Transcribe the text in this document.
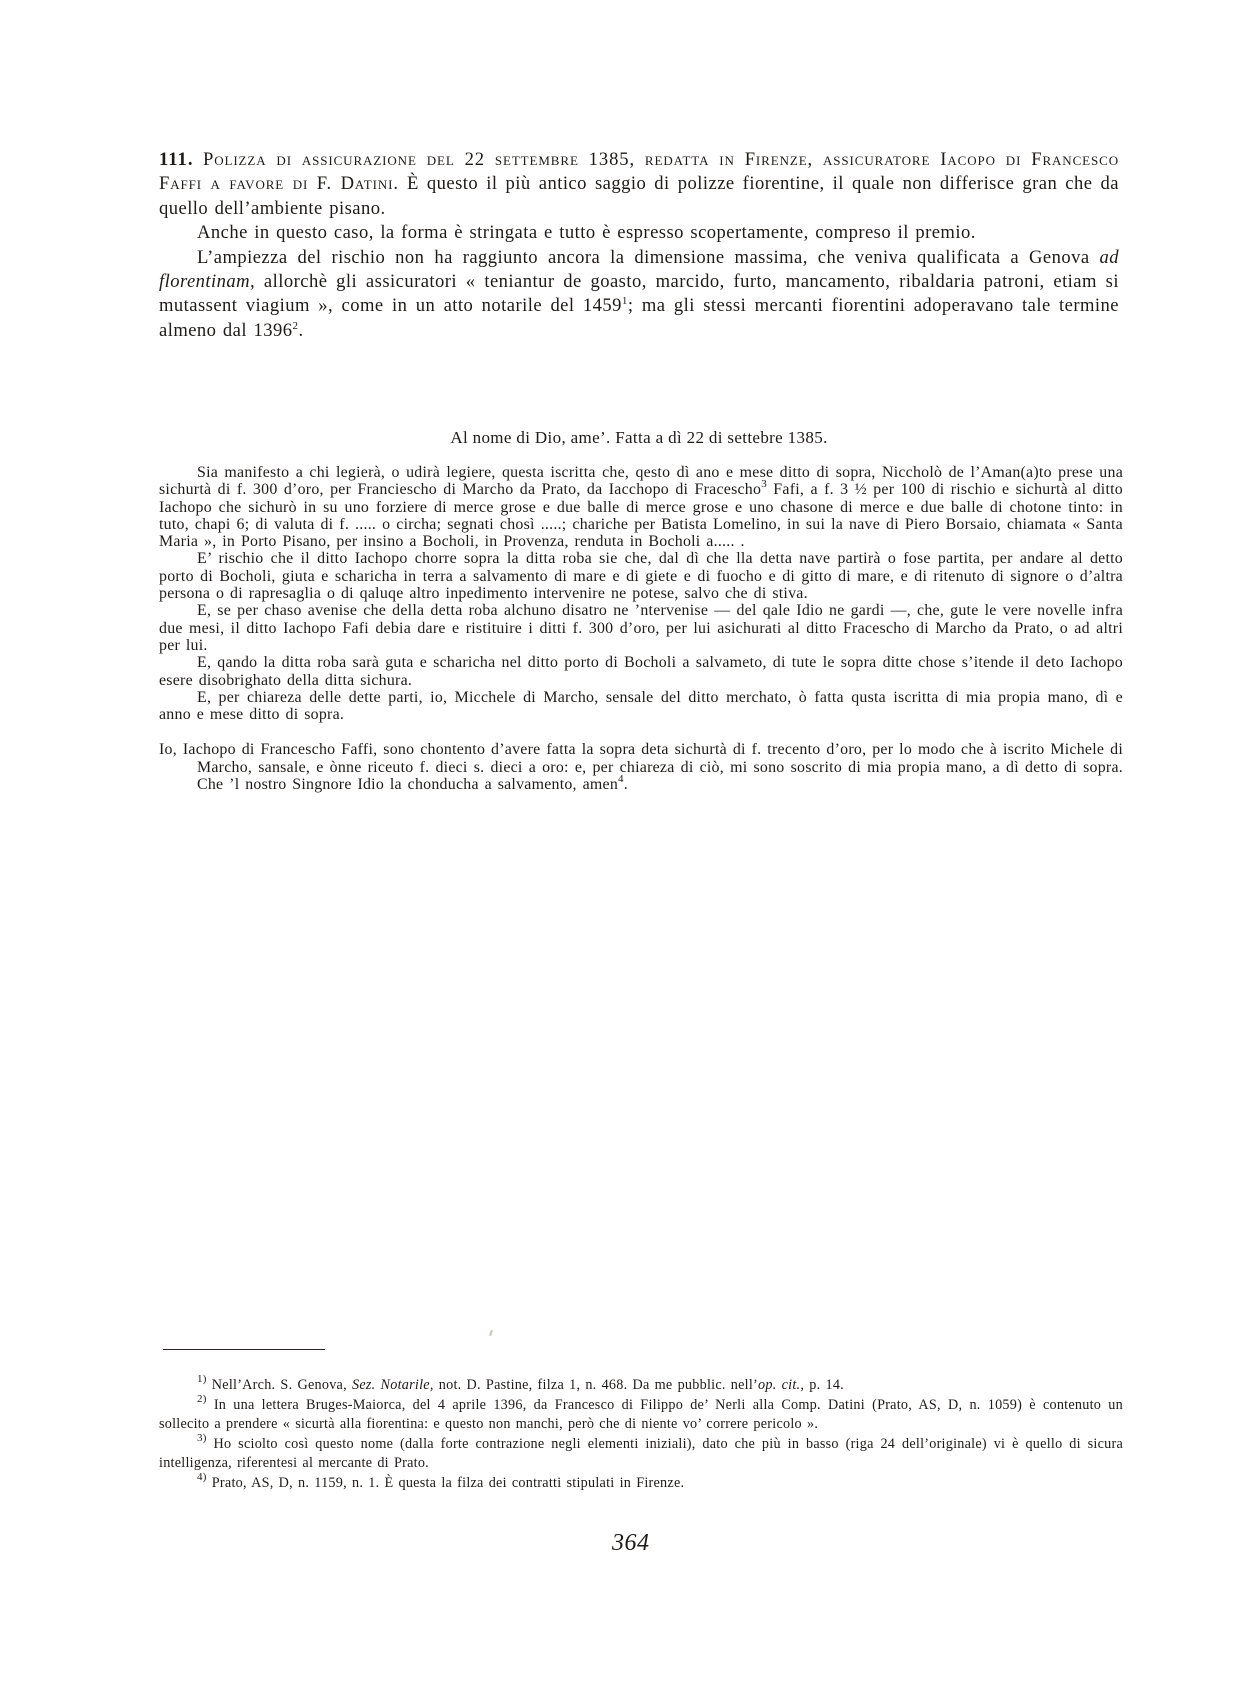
111. Polizza di assicurazione del 22 settembre 1385, redatta in Firenze, assicuratore Iacopo di Francesco Faffi a favore di F. Datini. È questo il più antico saggio di polizze fiorentine, il quale non differisce gran che da quello dell’ambiente pisano.

Anche in questo caso, la forma è stringata e tutto è espresso scopertamente, compreso il premio.

L’ampiezza del rischio non ha raggiunto ancora la dimensione massima, che veniva qualificata a Genova ad florentinam, allorchè gli assicuratori « teniantur de goasto, marcido, furto, mancamento, ribaldaria patroni, etiam si mutassent viagium », come in un atto notarile del 1459$^1$; ma gli stessi mercanti fiorentini adoperavano tale termine almeno dal 1396$^2$.

Al nome di Dio, ame’. Fatta a dì 22 di settebre 1385.

Sia manifesto a chi legierà, o udirà legiere, questa iscritta che, qesto dì ano e mese ditto di sopra, Niccholò de l’Aman(a)to prese una sichurtà di f. 300 d’oro, per Franciescho di Marcho da Prato, da Iacchopo di Fracescho$^3$ Fafi, a f. 3 ½ per 100 di rischio e sichurtà al ditto Iachopo che sichurò in su uno forziere di merce grose e due balle di merce grose e uno chasone di merce e due balle di chotone tinto: in tuto, chapi 6; di valuta di f. ..... o circha; segnati chosì .....; chariche per Batista Lomelino, in sui la nave di Piero Borsaio, chiamata « Santa Maria », in Porto Pisano, per insino a Bocholi, in Provenza, renduta in Bocholi a..... .

E’ rischio che il ditto Iachopo chorre sopra la ditta roba sie che, dal dì che lla detta nave partirà o fose partita, per andare al detto porto di Bocholi, giuta e scharicha in terra a salvamento di mare e di giete e di fuocho e di gitto di mare, e di ritenuto di signore o d’altra persona o di rapresaglia o di qaluqe altro inpedimento intervenire ne potese, salvo che di stiva.

E, se per chaso avenise che della detta roba alchuno disatro ne ’ntervenise — del qale Idio ne gardi —, che, gute le vere novelle infra due mesi, il ditto Iachopo Fafi debia dare e ristituire i ditti f. 300 d’oro, per lui asichurati al ditto Fracescho di Marcho da Prato, o ad altri per lui.

E, qando la ditta roba sarà guta e scharicha nel ditto porto di Bocholi a salvameto, di tute le sopra ditte chose s’itende il deto Iachopo esere disobrighato della ditta sichura.

E, per chiareza delle dette parti, io, Micchele di Marcho, sensale del ditto merchato, ò fatta qusta iscritta di mia propia mano, dì e anno e mese ditto di sopra.

Io, Iachopo di Francescho Faffi, sono chontento d’avere fatta la sopra deta sichurtà di f. trecento d’oro, per lo modo che à iscrito Michele di Marcho, sansale, e ònne riceuto f. dieci s. dieci a oro: e, per chiareza di ciò, mi sono soscrito di mia propia mano, a dì detto di sopra. Che ’l nostro Singnore Idio la chonducha a salvamento, amen$^4$.

$^{1)}$ Nell’Arch. S. Genova, Sez. Notarile, not. D. Pastine, filza 1, n. 468. Da me pubblic. nell’op. cit., p. 14.

$^{2)}$ In una lettera Bruges-Maiorca, del 4 aprile 1396, da Francesco di Filippo de’ Nerli alla Comp. Datini (Prato, AS, D, n. 1059) è contenuto un sollecito a prendere « sicurtà alla fiorentina: e questo non manchi, però che di niente vo’ correre pericolo ».

$^{3)}$ Ho sciolto così questo nome (dalla forte contrazione negli elementi iniziali), dato che più in basso (riga 24 dell’originale) vi è quello di sicura intelligenza, riferentesi al mercante di Prato.

$^{4)}$ Prato, AS, D, n. 1159, n. 1. È questa la filza dei contratti stipulati in Firenze.

364
